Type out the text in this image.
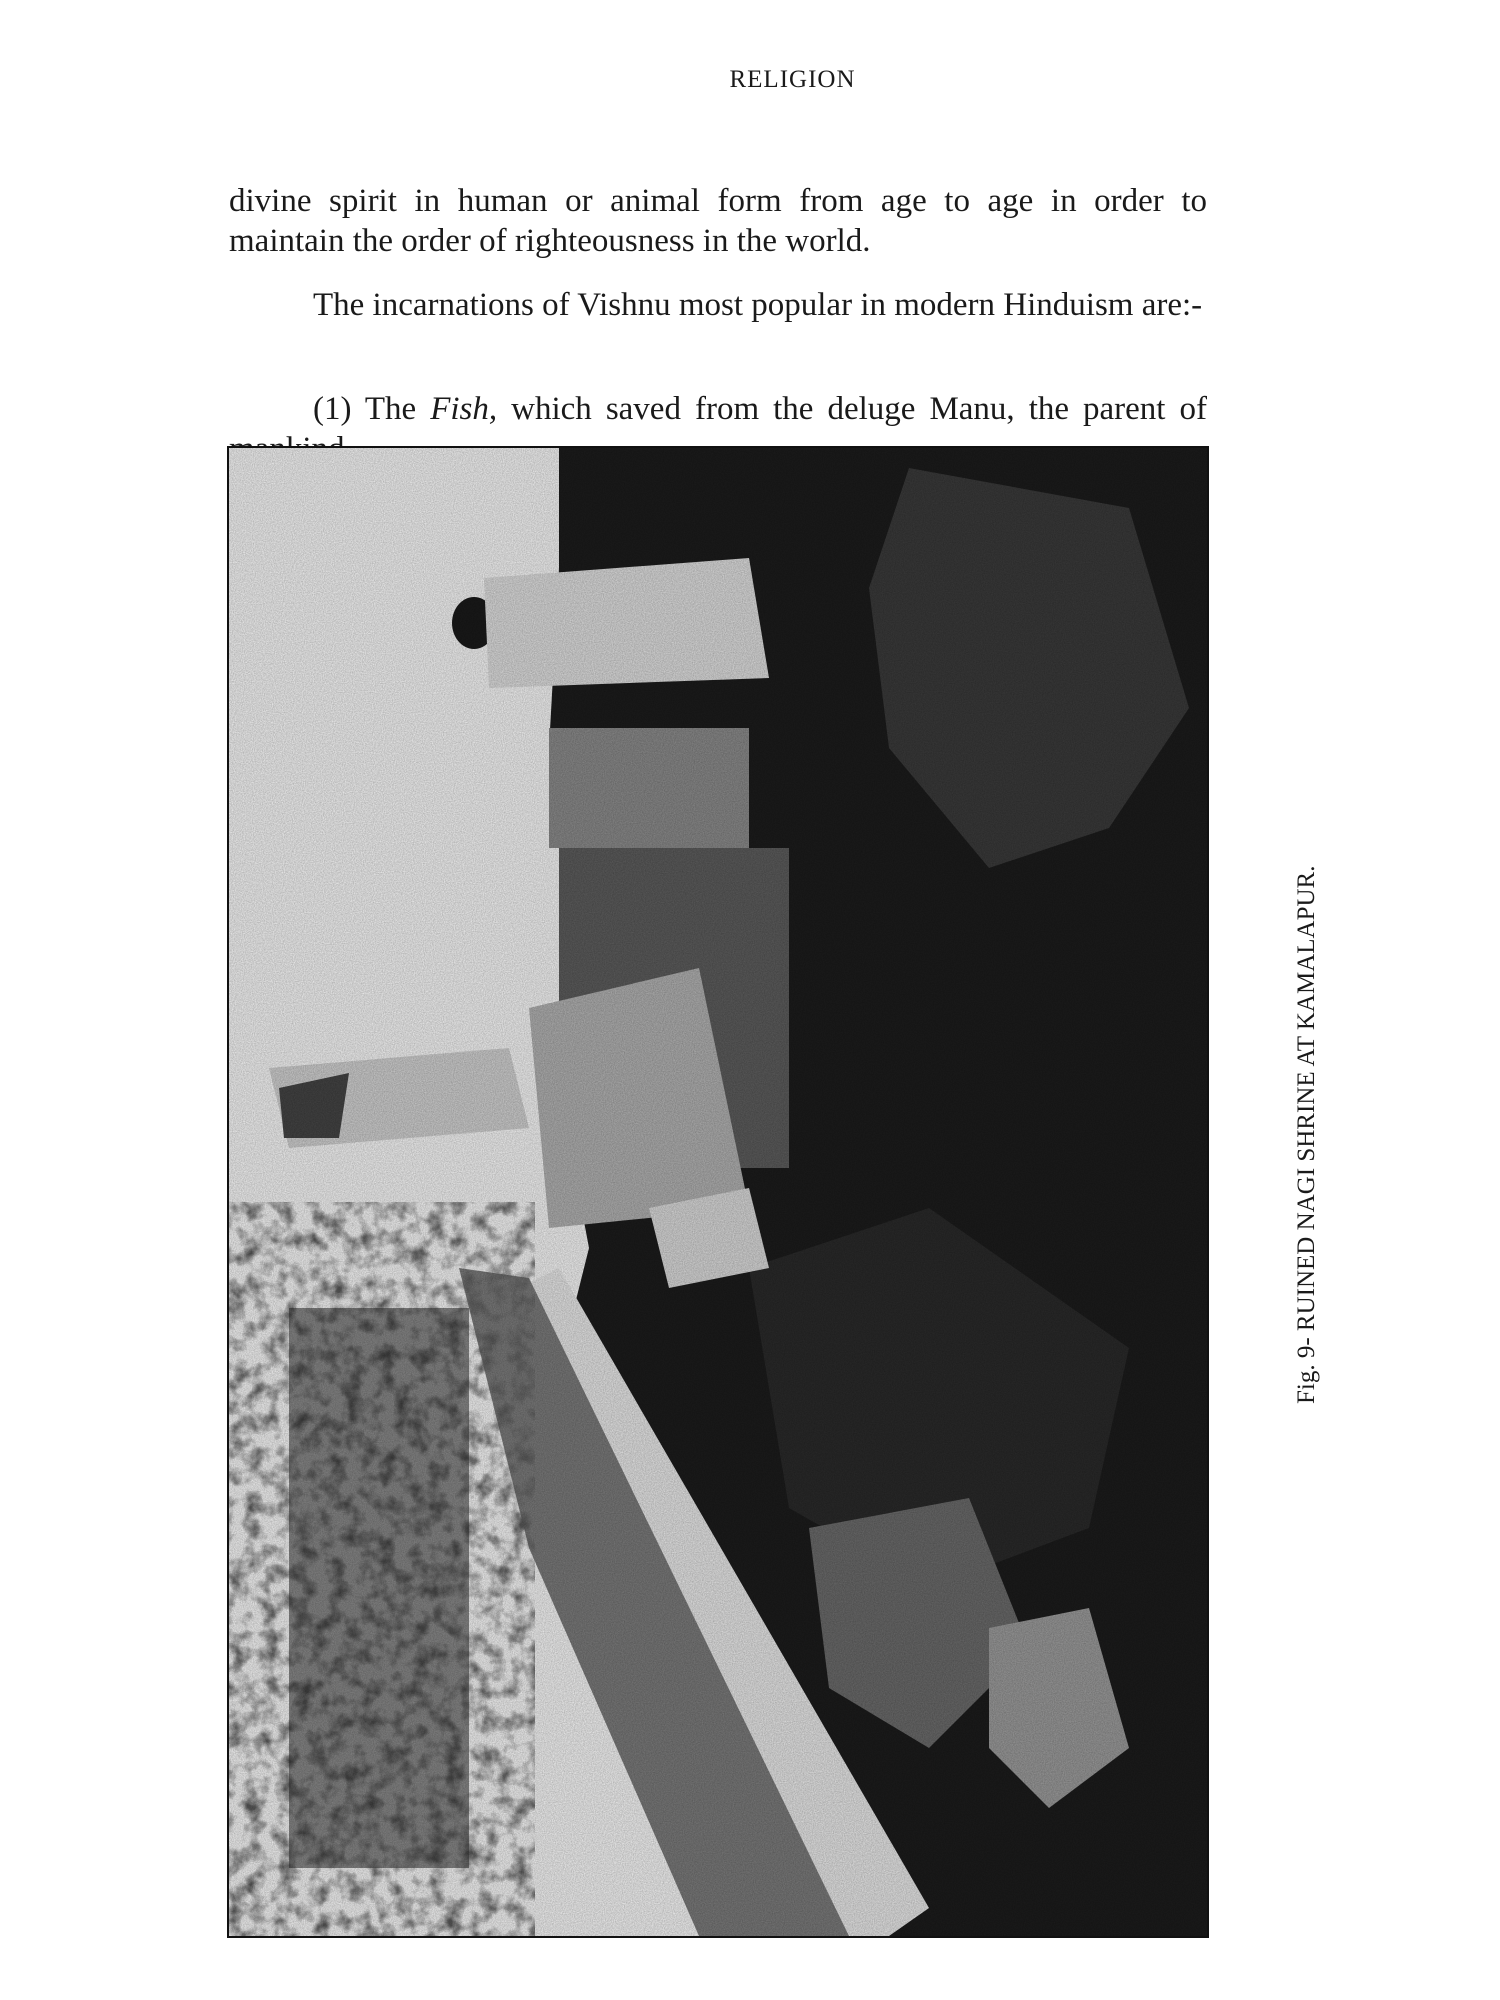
RELIGION

divine spirit in human or animal form from age to age in order to maintain the order of righteousness in the world.

The incarnations of Vishnu most popular in modern Hinduism are:-

(1) The Fish, which saved from the deluge Manu, the parent of

Fig. 9- RUINED NAGI SHRINE AT KAMALAPUR.
